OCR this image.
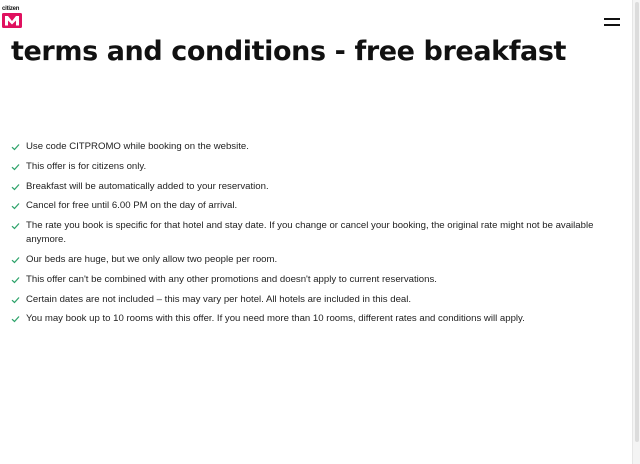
citizen
terms and conditions - free breakfast
Use code CITPROMO while booking on the website.
This offer is for citizens only.
Breakfast will be automatically added to your reservation.
Cancel for free until 6.00 PM on the day of arrival.
The rate you book is specific for that hotel and stay date. If you change or cancel your booking, the original rate might not be available anymore.
Our beds are huge, but we only allow two people per room.
This offer can't be combined with any other promotions and doesn't apply to current reservations.
Certain dates are not included – this may vary per hotel. All hotels are included in this deal.
You may book up to 10 rooms with this offer. If you need more than 10 rooms, different rates and conditions will apply.
